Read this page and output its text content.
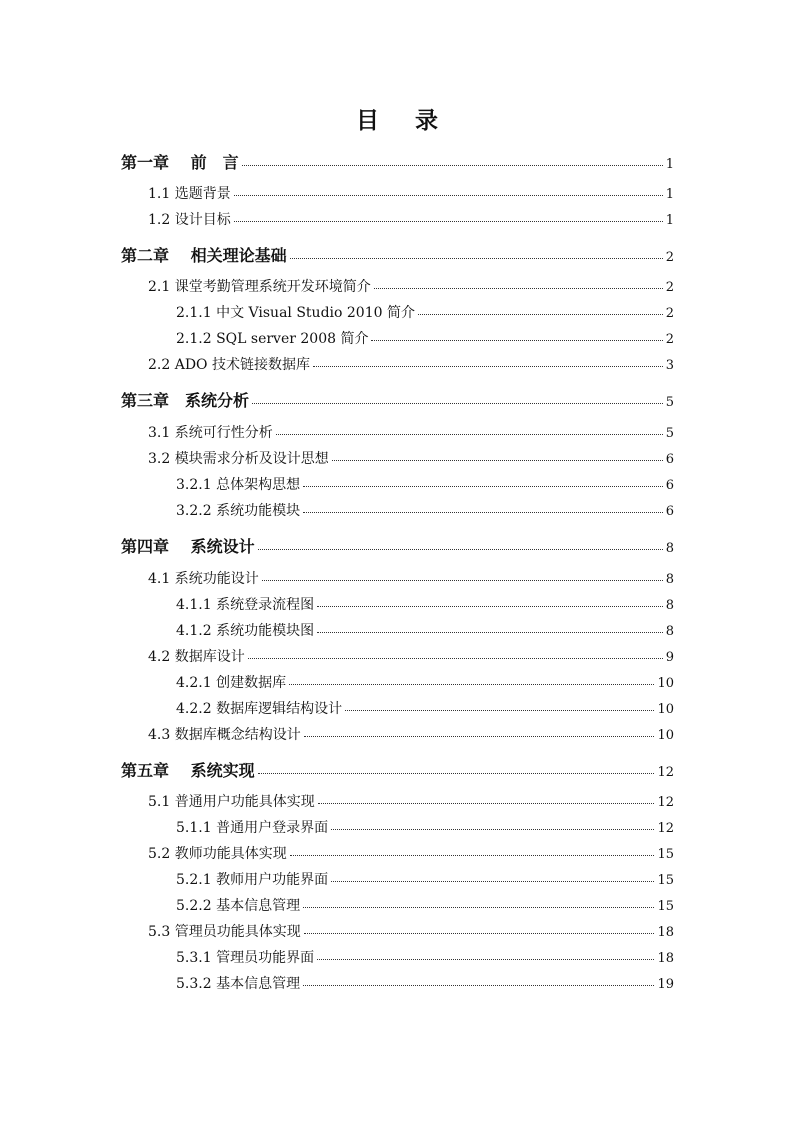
目 录
第一章　 前　言	1
1.1 选题背景	1
1.2 设计目标	1
第二章　 相关理论基础	2
2.1 课堂考勤管理系统开发环境简介	2
2.1.1 中文 Visual Studio 2010 简介	2
2.1.2 SQL server 2008 简介	2
2.2 ADO 技术链接数据库	3
第三章　系统分析	5
3.1 系统可行性分析	5
3.2 模块需求分析及设计思想	6
3.2.1 总体架构思想	6
3.2.2 系统功能模块	6
第四章　 系统设计	8
4.1 系统功能设计	8
4.1.1 系统登录流程图	8
4.1.2 系统功能模块图	8
4.2 数据库设计	9
4.2.1 创建数据库	10
4.2.2 数据库逻辑结构设计	10
4.3 数据库概念结构设计	10
第五章　 系统实现	12
5.1 普通用户功能具体实现	12
5.1.1 普通用户登录界面	12
5.2 教师功能具体实现	15
5.2.1 教师用户功能界面	15
5.2.2 基本信息管理	15
5.3 管理员功能具体实现	18
5.3.1 管理员功能界面	18
5.3.2 基本信息管理	19
